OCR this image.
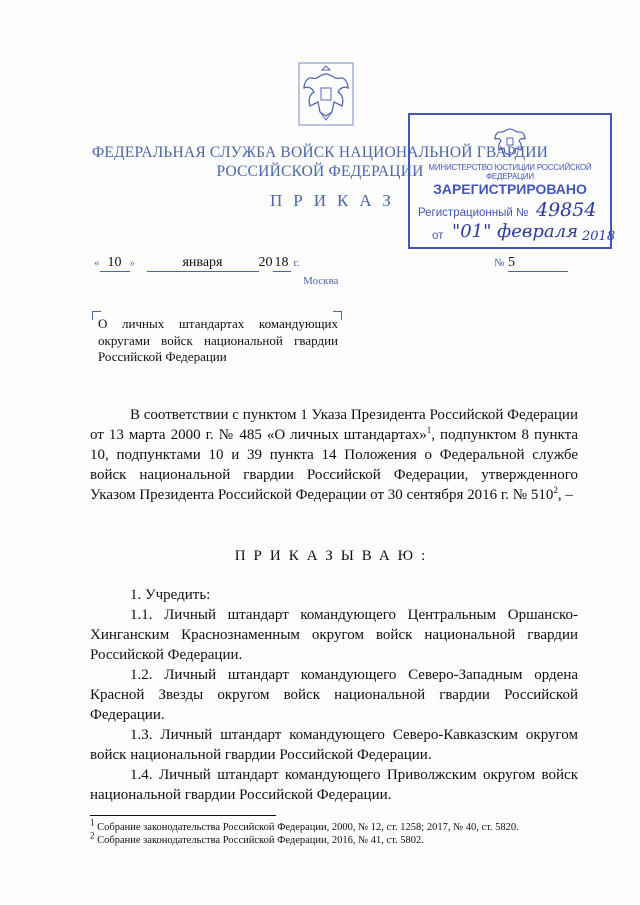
ФЕДЕРАЛЬНАЯ СЛУЖБА ВОЙСК НАЦИОНАЛЬНОЙ ГВАРДИИ
РОССИЙСКОЙ ФЕДЕРАЦИИ
ПРИКАЗ
МИНИСТЕРСТВО ЮСТИЦИИ РОССИЙСКОЙ ФЕДЕРАЦИИ
ЗАРЕГИСТРИРОВАНО
Регистрационный № 49854
от "01" февраля 2018
« 10 »	января	20 18 г.	№ 5
Москва
О личных штандартах командующих округами войск национальной гвардии Российской Федерации
В соответствии с пунктом 1 Указа Президента Российской Федерации от 13 марта 2000 г. № 485 «О личных штандартах»$^1$, подпунктом 8 пункта 10, подпунктами 10 и 39 пункта 14 Положения о Федеральной службе войск национальной гвардии Российской Федерации, утвержденного Указом Президента Российской Федерации от 30 сентября 2016 г. № $510^2$, –
ПРИКАЗЫВАЮ:
1. Учредить:
1.1. Личный штандарт командующего Центральным Оршанско-Хинганским Краснознаменным округом войск национальной гвардии Российской Федерации.
1.2. Личный штандарт командующего Северо-Западным ордена Красной Звезды округом войск национальной гвардии Российской Федерации.
1.3. Личный штандарт командующего Северо-Кавказским округом войск национальной гвардии Российской Федерации.
1.4. Личный штандарт командующего Приволжским округом войск национальной гвардии Российской Федерации.
$^1$ Собрание законодательства Российской Федерации, 2000, № 12, ст. 1258; 2017, № 40, ст. 5820.
$^2$ Собрание законодательства Российской Федерации, 2016, № 41, ст. 5802.
